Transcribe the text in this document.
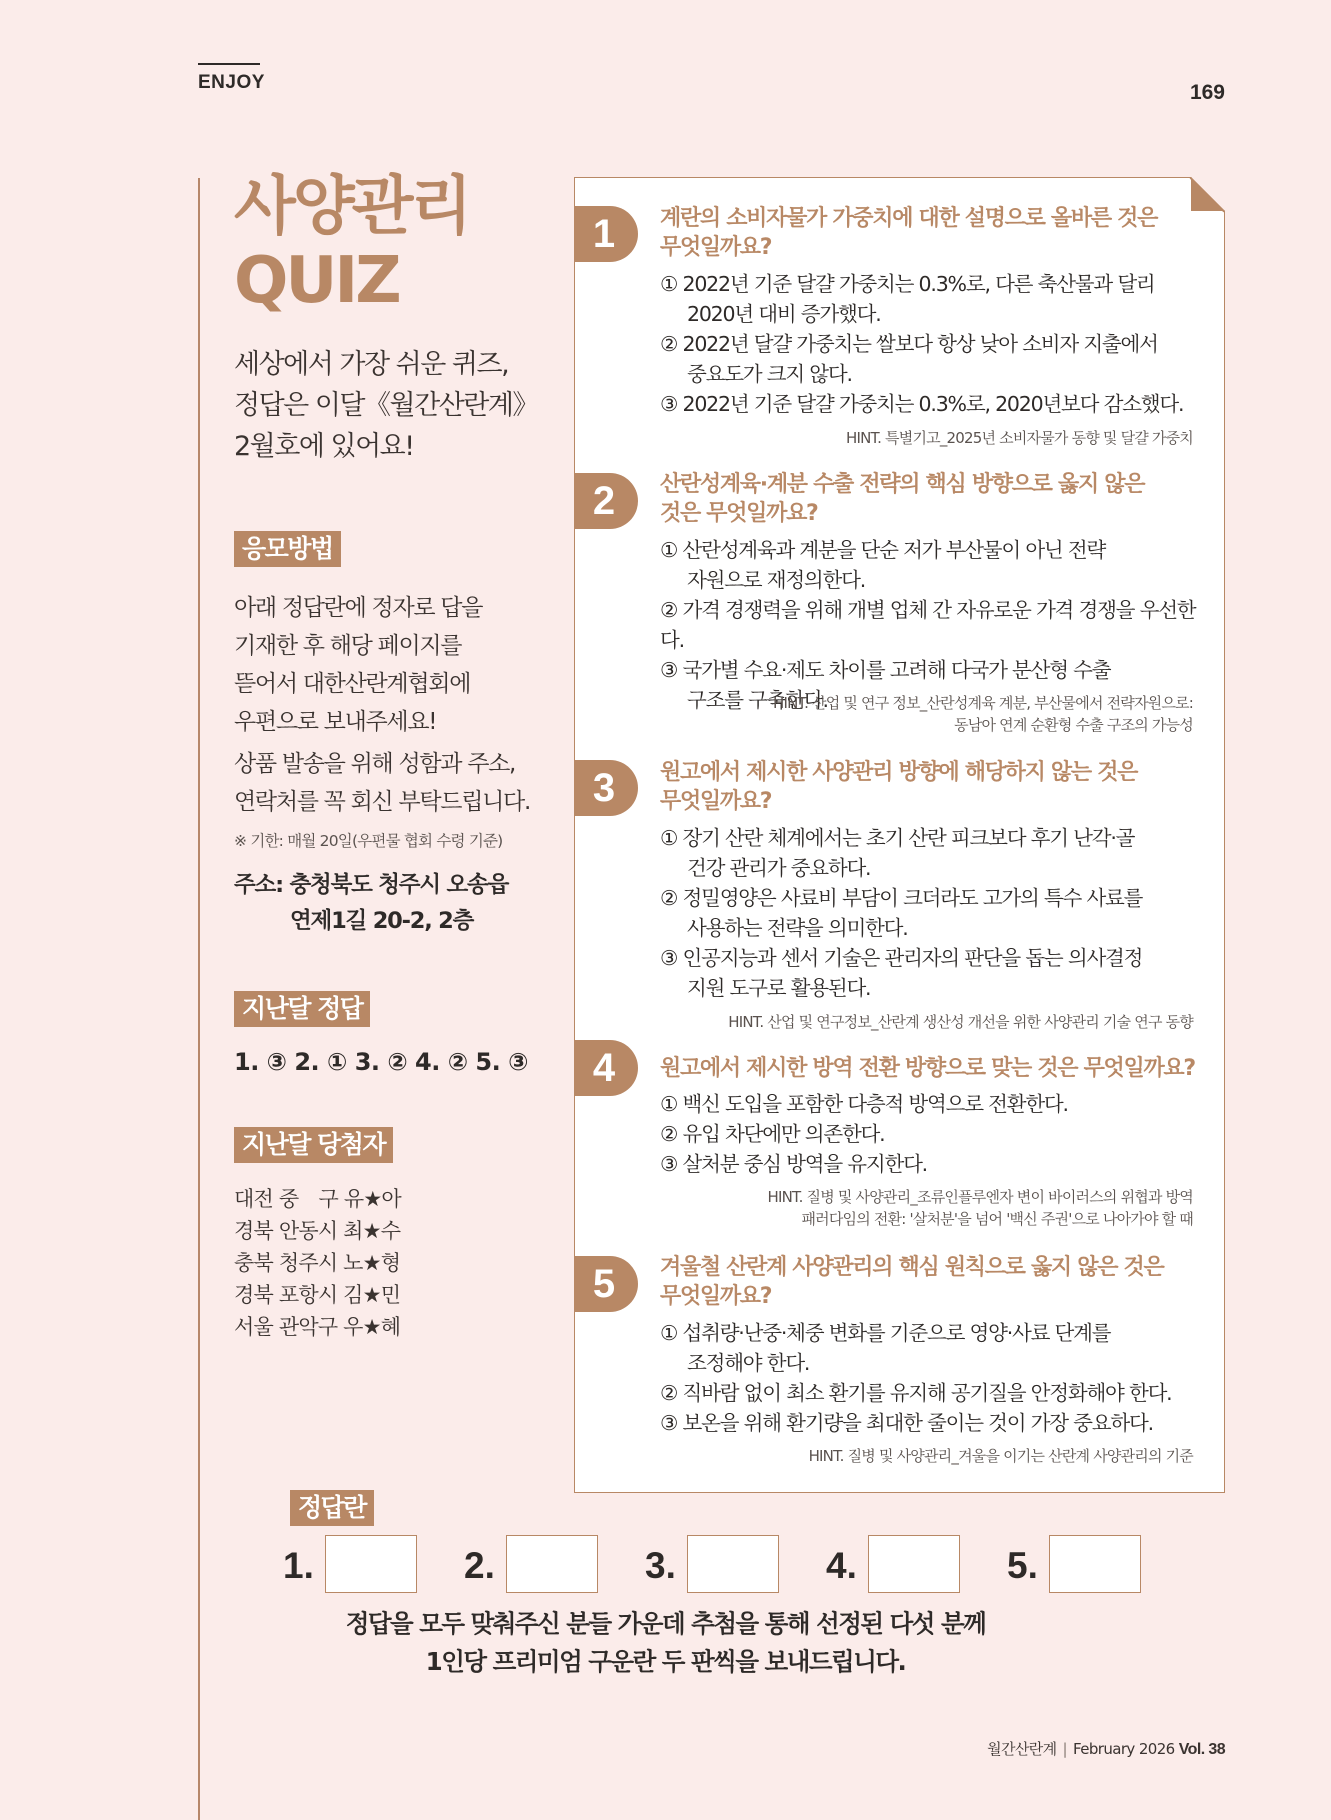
ENJOY	169
사양관리
QUIZ
세상에서 가장 쉬운 퀴즈,
정답은 이달《월간산란계》
2월호에 있어요!
응모방법
아래 정답란에 정자로 답을
기재한 후 해당 페이지를
뜯어서 대한산란계협회에
우편으로 보내주세요!
상품 발송을 위해 성함과 주소,
연락처를 꼭 회신 부탁드립니다.
※ 기한: 매월 20일(우편물 협회 수령 기준)
주소: 충청북도 청주시 오송읍
연제1길 20-2, 2층
지난달 정답
1. ③ 2. ① 3. ② 4. ② 5. ③
지난달 당첨자
대전 중　구 유★아
경북 안동시 최★수
충북 청주시 노★형
경북 포항시 김★민
서울 관악구 우★혜
1	계란의 소비자물가 가중치에 대한 설명으로 올바른 것은
무엇일까요?
① 2022년 기준 달걀 가중치는 0.3%로, 다른 축산물과 달리
2020년 대비 증가했다.
② 2022년 달걀 가중치는 쌀보다 항상 낮아 소비자 지출에서
중요도가 크지 않다.
③ 2022년 기준 달걀 가중치는 0.3%로, 2020년보다 감소했다.
HINT. 특별기고_2025년 소비자물가 동향 및 달걀 가중치
2	산란성계육·계분 수출 전략의 핵심 방향으로 옳지 않은
것은 무엇일까요?
① 산란성계육과 계분을 단순 저가 부산물이 아닌 전략
자원으로 재정의한다.
② 가격 경쟁력을 위해 개별 업체 간 자유로운 가격 경쟁을 우선한다.
③ 국가별 수요·제도 차이를 고려해 다국가 분산형 수출
구조를 구축한다.
HINT. 산업 및 연구 정보_산란성계육 계분, 부산물에서 전략자원으로:
동남아 연계 순환형 수출 구조의 가능성
3	원고에서 제시한 사양관리 방향에 해당하지 않는 것은
무엇일까요?
① 장기 산란 체계에서는 초기 산란 피크보다 후기 난각·골
건강 관리가 중요하다.
② 정밀영양은 사료비 부담이 크더라도 고가의 특수 사료를
사용하는 전략을 의미한다.
③ 인공지능과 센서 기술은 관리자의 판단을 돕는 의사결정
지원 도구로 활용된다.
HINT. 산업 및 연구정보_산란계 생산성 개선을 위한 사양관리 기술 연구 동향
4	원고에서 제시한 방역 전환 방향으로 맞는 것은 무엇일까요?
① 백신 도입을 포함한 다층적 방역으로 전환한다.
② 유입 차단에만 의존한다.
③ 살처분 중심 방역을 유지한다.
HINT. 질병 및 사양관리_조류인플루엔자 변이 바이러스의 위협과 방역
패러다임의 전환: '살처분'을 넘어 '백신 주권'으로 나아가야 할 때
5	겨울철 산란계 사양관리의 핵심 원칙으로 옳지 않은 것은
무엇일까요?
① 섭취량·난중·체중 변화를 기준으로 영양·사료 단계를
조정해야 한다.
② 직바람 없이 최소 환기를 유지해 공기질을 안정화해야 한다.
③ 보온을 위해 환기량을 최대한 줄이는 것이 가장 중요하다.
HINT. 질병 및 사양관리_겨울을 이기는 산란계 사양관리의 기준
정답란
1.	2.	3.	4.	5.
정답을 모두 맞춰주신 분들 가운데 추첨을 통해 선정된 다섯 분께
1인당 프리미엄 구운란 두 판씩을 보내드립니다.
월간산란계 | February 2026 Vol. 38
